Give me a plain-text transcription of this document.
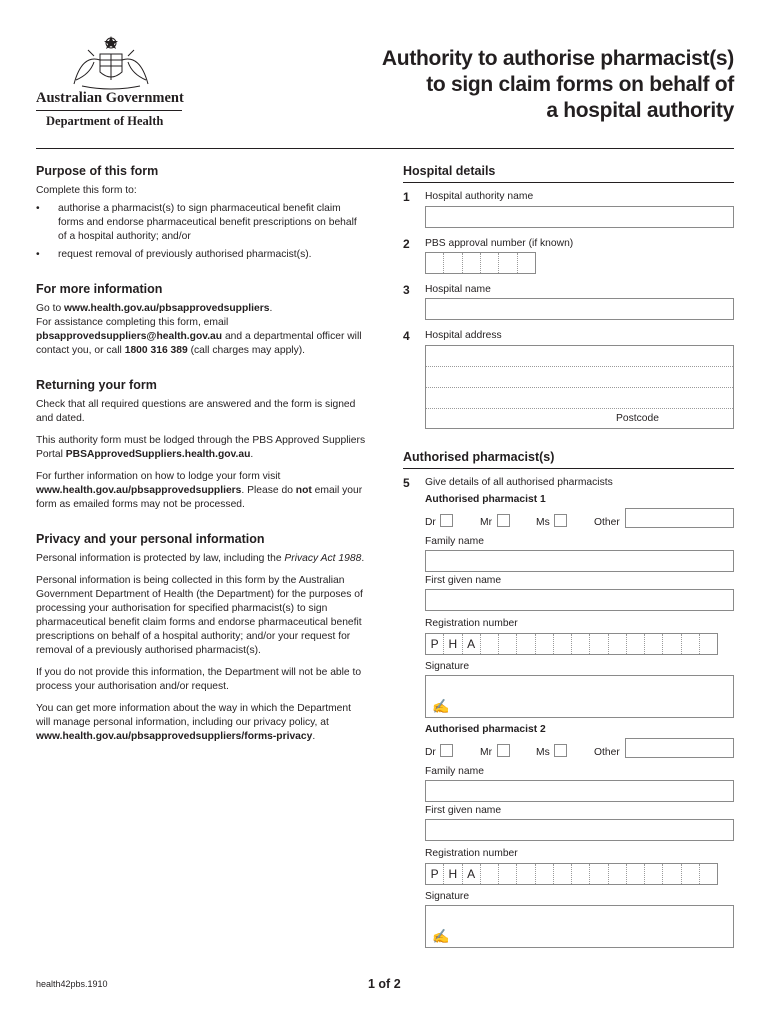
Australian Government
Department of Health
Authority to authorise pharmacist(s)
to sign claim forms on behalf of
a hospital authority
Purpose of this form

Complete this form to:

• authorise a pharmacist(s) to sign pharmaceutical benefit claim forms and endorse pharmaceutical benefit prescriptions on behalf of a hospital authority; and/or
• request removal of previously authorised pharmacist(s).
For more information

Go to www.health.gov.au/pbsapprovedsuppliers.

For assistance completing this form, email
pbsapprovedsuppliers@health.gov.au and a departmental officer will contact you, or call 1800 316 389 (call charges may apply).

Returning your form

Check that all required questions are answered and the form is signed and dated.

This authority form must be lodged through the PBS Approved Suppliers Portal PBSApprovedSuppliers.health.gov.au.

For further information on how to lodge your form visit www.health.gov.au/pbsapprovedsuppliers. Please do not email your form as emailed forms may not be processed.

Privacy and your personal information

Personal information is protected by law, including the Privacy Act 1988.

Personal information is being collected in this form by the Australian Government Department of Health (the Department) for the purposes of processing your authorisation for specified pharmacist(s) to sign pharmaceutical benefit claim forms and endorse pharmaceutical benefit prescriptions on behalf of a hospital authority; and/or your request for removal of a previously authorised pharmacist(s).

If you do not provide this information, the Department will not be able to process your authorisation and/or request.

You can get more information about the way in which the Department will manage personal information, including our privacy policy, at www.health.gov.au/pbsapprovedsuppliers/forms-privacy.

Hospital details
1 Hospital authority name
2 PBS approval number (if known)
3 Hospital name
4 Hospital address
Postcode
Authorised pharmacist(s)
5 Give details of all authorised pharmacists
Authorised pharmacist 1
Dr	Mr	Ms	Other
Family name
First given name
Registration number
P H A
Signature
✍
Authorised pharmacist 2
Dr	Mr	Ms	Other
Family name
First given name
Registration number
P H A
Signature
✍
health42pbs.1910	1 of 2
